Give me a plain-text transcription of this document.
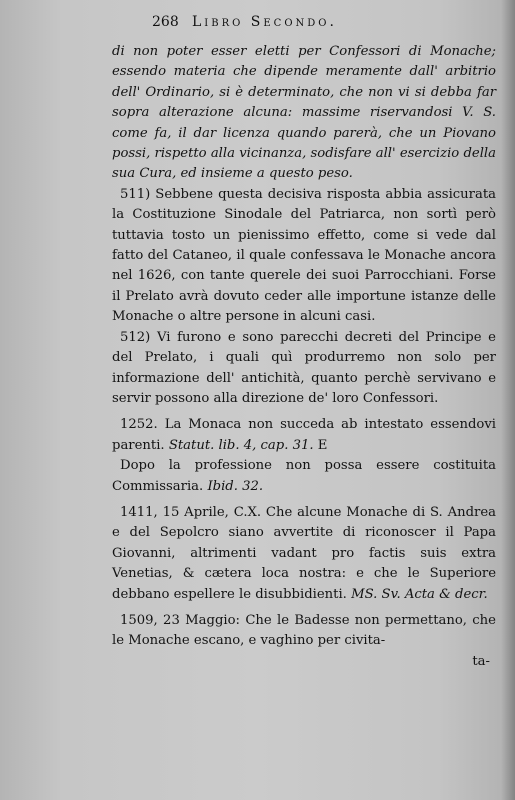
268 Libro Secondo.

di non poter esser eletti per Confessori di Monache; essendo materia che dipende meramente dall' arbitrio dell' Ordinario, si è determinato, che non vi si debba far sopra alterazione alcuna: massime riservandosi V. S. come fa, il dar licenza quando parerà, che un Piovano possi, rispetto alla vicinanza, sodisfare all' esercizio della sua Cura, ed insieme a questo peso.

511) Sebbene questa decisiva risposta abbia assicurata la Costituzione Sinodale del Patriarca, non sortì però tuttavia tosto un pienissimo effetto, come si vede dal fatto del Cataneo, il quale confessava le Monache ancora nel 1626, con tante querele dei suoi Parrocchiani. Forse il Prelato avrà dovuto ceder alle importune istanze delle Monache o altre persone in alcuni casi.

512) Vi furono e sono parecchi decreti del Principe e del Prelato, i quali quì produrremo non solo per informazione dell' antichità, quanto perchè servivano e servir possono alla direzione de' loro Confessori.

1252. La Monaca non succeda ab intestato essendovi parenti. Statut. lib. 4, cap. 31. E

Dopo la professione non possa essere costituita Commissaria. Ibid. 32.

1411, 15 Aprile, C.X. Che alcune Monache di S. Andrea e del Sepolcro siano avvertite di riconoscer il Papa Giovanni, altrimenti vadant pro factis suis extra Venetias, & cætera loca nostra: e che le Superiore debbano espellere le disubbidienti. MS. Sv. Acta & decr.

1509, 23 Maggio: Che le Badesse non permettano, che le Monache escano, e vaghino per civita-

ta-
